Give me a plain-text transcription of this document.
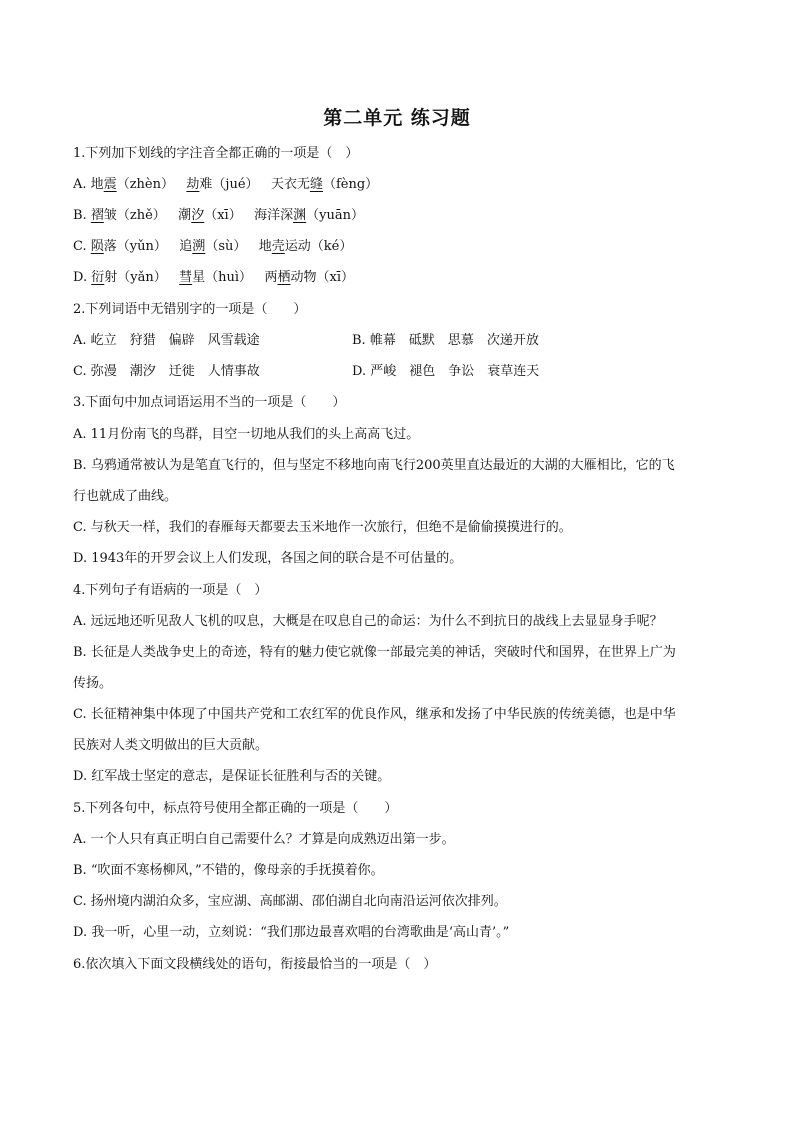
第二单元 练习题
1.下列加下划线的字注音全都正确的一项是（　）
A. 地震（zhèn） 劫难（jué） 天衣无缝（fèng）
B. 褶皱（zhě） 潮汐（xī） 海洋深渊（yuān）
C. 陨落（yǔn） 追溯（sù） 地壳运动（ké）
D. 衍射（yǎn） 彗星（huì） 两栖动物（xī）
2.下列词语中无错别字的一项是（　　）
A. 屹立　狩猎　偏辟　风雪载途	B. 帷幕　砥默　思慕　次递开放
C. 弥漫　潮汐　迁徙　人情事故	D. 严峻　褪色　争讼　衰草连天
3.下面句中加点词语运用不当的一项是（　　）
A. 11月份南飞的鸟群，目空一切地从我们的头上高高飞过。
B. 乌鸦通常被认为是笔直飞行的，但与坚定不移地向南飞行200英里直达最近的大湖的大雁相比，它的飞
行也就成了曲线。
C. 与秋天一样，我们的春雁每天都要去玉米地作一次旅行，但绝不是偷偷摸摸进行的。
D. 1943年的开罗会议上人们发现，各国之间的联合是不可估量的。
4.下列句子有语病的一项是（　）
A. 远远地还听见敌人飞机的叹息，大概是在叹息自己的命运：为什么不到抗日的战线上去显显身手呢？
B. 长征是人类战争史上的奇迹，特有的魅力使它就像一部最完美的神话，突破时代和国界，在世界上广为
传扬。
C. 长征精神集中体现了中国共产党和工农红军的优良作风，继承和发扬了中华民族的传统美德，也是中华
民族对人类文明做出的巨大贡献。
D. 红军战士坚定的意志，是保证长征胜利与否的关键。
5.下列各句中，标点符号使用全都正确的一项是（　　）
A. 一个人只有真正明白自己需要什么？才算是向成熟迈出第一步。
B. “吹面不寒杨柳风，”不错的，像母亲的手抚摸着你。
C. 扬州境内湖泊众多，宝应湖、高邮湖、邵伯湖自北向南沿运河依次排列。
D. 我一听，心里一动，立刻说：“我们那边最喜欢唱的台湾歌曲是‘高山青’。”
6.依次填入下面文段横线处的语句，衔接最恰当的一项是（　）
